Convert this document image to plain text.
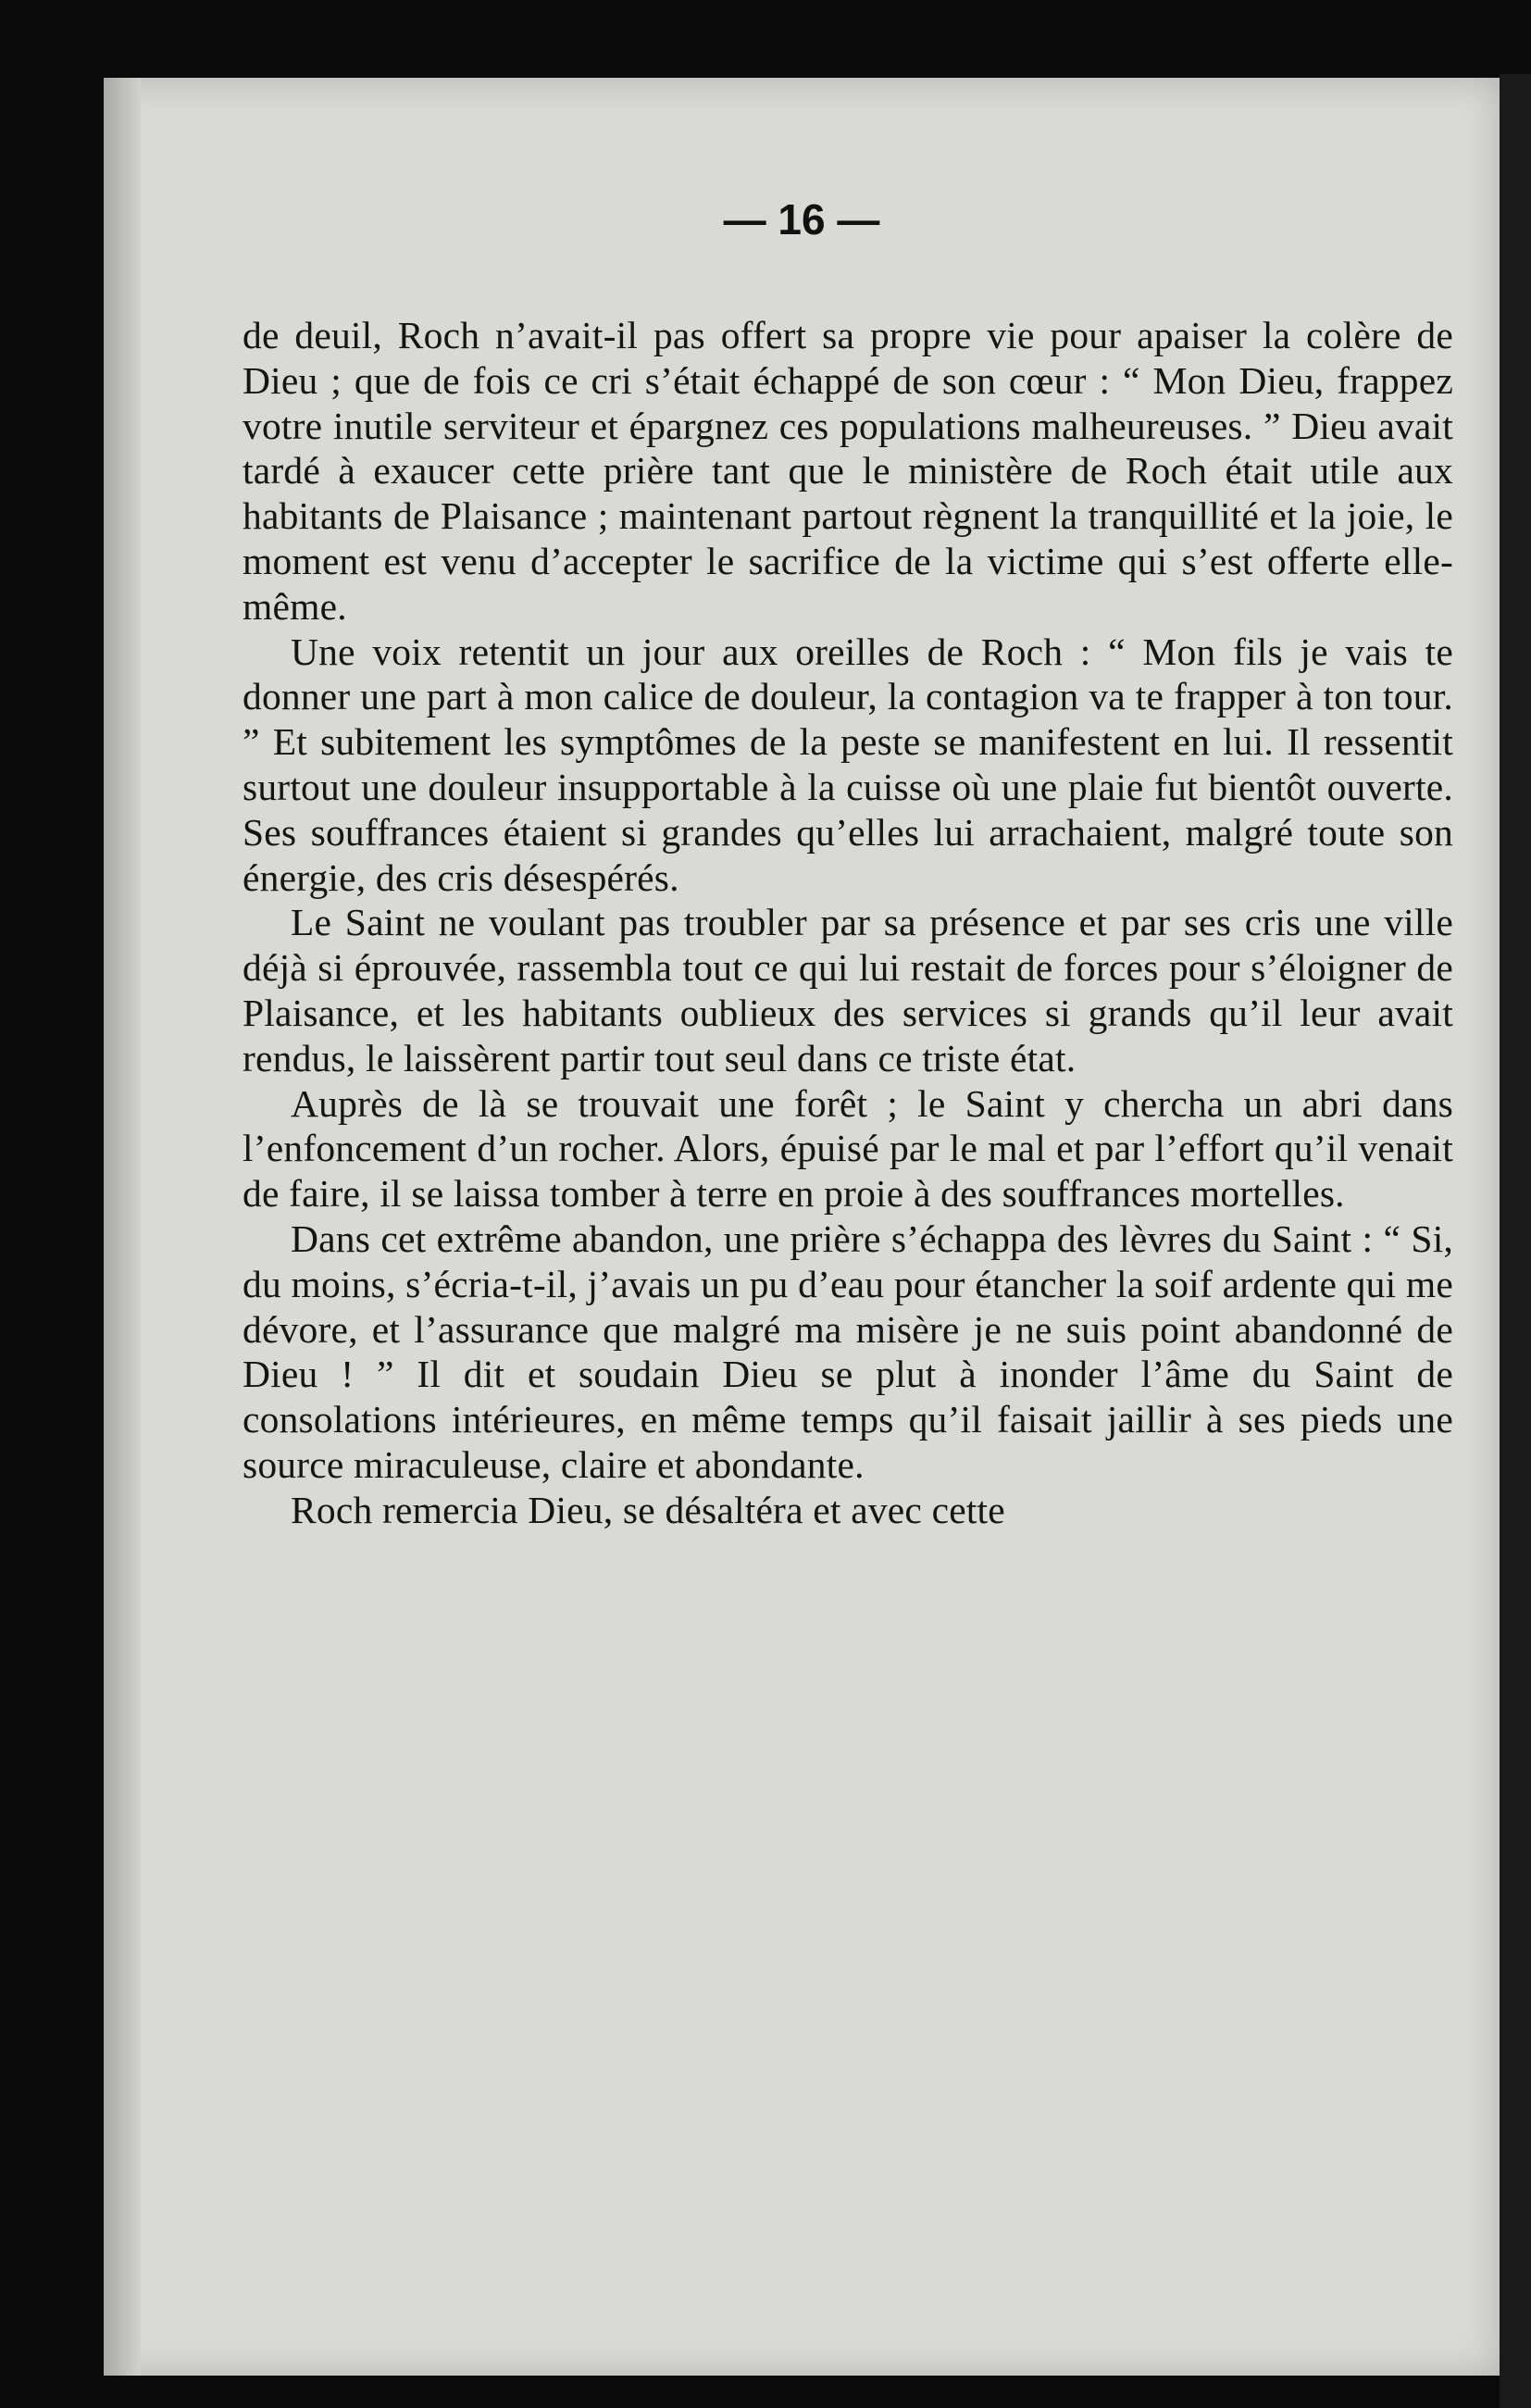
— 16 —

de deuil, Roch n’avait-il pas offert sa propre vie pour apaiser la colère de Dieu ; que de fois ce cri s’était échappé de son cœur : “ Mon Dieu, frappez votre inutile serviteur et épargnez ces populations malheureuses. ” Dieu avait tardé à exaucer cette prière tant que le ministère de Roch était utile aux habitants de Plaisance ; maintenant partout règnent la tranquillité et la joie, le moment est venu d’accepter le sacrifice de la victime qui s’est offerte elle-même.

Une voix retentit un jour aux oreilles de Roch : “ Mon fils je vais te donner une part à mon calice de douleur, la contagion va te frapper à ton tour. ” Et subitement les symptômes de la peste se manifestent en lui. Il ressentit surtout une douleur insupportable à la cuisse où une plaie fut bientôt ouverte. Ses souffrances étaient si grandes qu’elles lui arrachaient, malgré toute son énergie, des cris désespérés.

Le Saint ne voulant pas troubler par sa présence et par ses cris une ville déjà si éprouvée, rassembla tout ce qui lui restait de forces pour s’éloigner de Plaisance, et les habitants oublieux des services si grands qu’il leur avait rendus, le laissèrent partir tout seul dans ce triste état.

Auprès de là se trouvait une forêt ; le Saint y chercha un abri dans l’enfoncement d’un rocher. Alors, épuisé par le mal et par l’effort qu’il venait de faire, il se laissa tomber à terre en proie à des souffrances mortelles.

Dans cet extrême abandon, une prière s’échappa des lèvres du Saint : “ Si, du moins, s’écria-t-il, j’avais un pu d’eau pour étancher la soif ardente qui me dévore, et l’assurance que malgré ma misère je ne suis point abandonné de Dieu ! ” Il dit et soudain Dieu se plut à inonder l’âme du Saint de consolations intérieures, en même temps qu’il faisait jaillir à ses pieds une source miraculeuse, claire et abondante.

Roch remercia Dieu, se désaltéra et avec cette
